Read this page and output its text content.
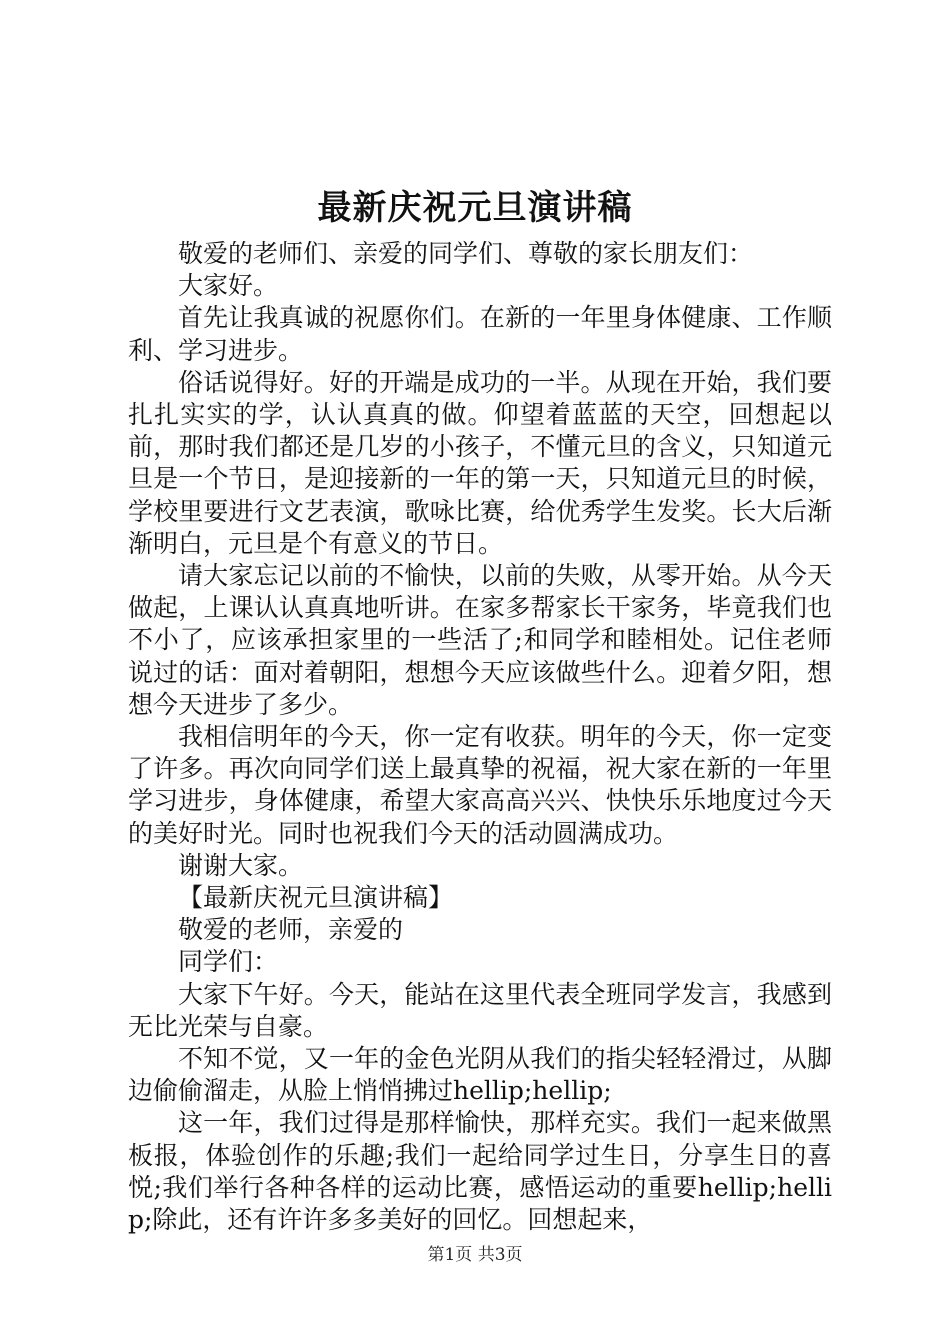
最新庆祝元旦演讲稿

敬爱的老师们、亲爱的同学们、尊敬的家长朋友们：

大家好。

首先让我真诚的祝愿你们。在新的一年里身体健康、工作顺利、学习进步。

俗话说得好。好的开端是成功的一半。从现在开始，我们要扎扎实实的学，认认真真的做。仰望着蓝蓝的天空，回想起以前，那时我们都还是几岁的小孩子，不懂元旦的含义，只知道元旦是一个节日，是迎接新的一年的第一天，只知道元旦的时候，学校里要进行文艺表演，歌咏比赛，给优秀学生发奖。长大后渐渐明白，元旦是个有意义的节日。

请大家忘记以前的不愉快，以前的失败，从零开始。从今天做起，上课认认真真地听讲。在家多帮家长干家务，毕竟我们也不小了，应该承担家里的一些活了;和同学和睦相处。记住老师说过的话：面对着朝阳，想想今天应该做些什么。迎着夕阳，想想今天进步了多少。

我相信明年的今天，你一定有收获。明年的今天，你一定变了许多。再次向同学们送上最真挚的祝福，祝大家在新的一年里学习进步，身体健康，希望大家高高兴兴、快快乐乐地度过今天的美好时光。同时也祝我们今天的活动圆满成功。

谢谢大家。

【最新庆祝元旦演讲稿】

敬爱的老师，亲爱的

同学们：

大家下午好。今天，能站在这里代表全班同学发言，我感到无比光荣与自豪。

不知不觉，又一年的金色光阴从我们的指尖轻轻滑过，从脚边偷偷溜走，从脸上悄悄拂过hellip;hellip;

这一年，我们过得是那样愉快，那样充实。我们一起来做黑板报，体验创作的乐趣;我们一起给同学过生日，分享生日的喜悦;我们举行各种各样的运动比赛，感悟运动的重要hellip;hellip;除此，还有许许多多美好的回忆。回想起来，

第1页 共3页
